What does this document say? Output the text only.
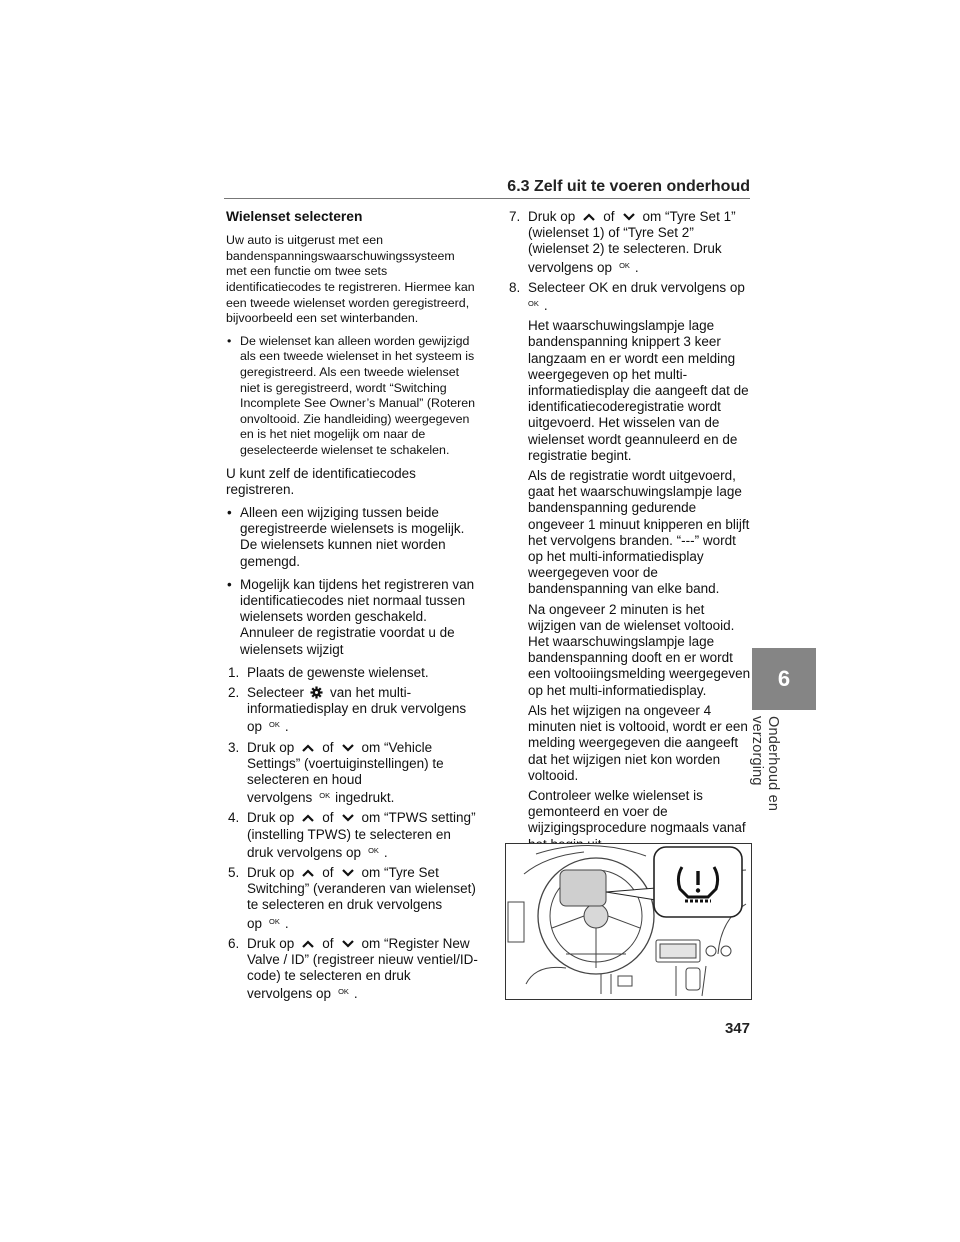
6.3 Zelf uit te voeren onderhoud
6
Onderhoud en verzorging
Wielenset selecteren
Uw auto is uitgerust met een bandenspanningswaarschuwingssysteem met een functie om twee sets identificatiecodes te registreren. Hiermee kan een tweede wielenset worden geregistreerd, bijvoorbeeld een set winterbanden.
• De wielenset kan alleen worden gewijzigd als een tweede wielenset in het systeem is geregistreerd. Als een tweede wielenset niet is geregistreerd, wordt “Switching Incomplete See Owner’s Manual” (Roteren onvoltooid. Zie handleiding) weergegeven en is het niet mogelijk om naar de geselecteerde wielenset te schakelen.
U kunt zelf de identificatiecodes registreren.
• Alleen een wijziging tussen beide geregistreerde wielensets is mogelijk. De wielensets kunnen niet worden gemengd.
• Mogelijk kan tijdens het registreren van identificatiecodes niet normaal tussen wielensets worden geschakeld. Annuleer de registratie voordat u de wielensets wijzigt
1. Plaats de gewenste wielenset.
2. Selecteer van het multi-informatiedisplay en druk vervolgens op $^{OK}$ .
3. Druk op of om “Vehicle Settings” (voertuiginstellingen) te selecteren en houd vervolgens $^{OK}$ ingedrukt.
4. Druk op of om “TPWS setting” (instelling TPWS) te selecteren en druk vervolgens op $^{OK}$ .
5. Druk op of om “Tyre Set Switching” (veranderen van wielenset) te selecteren en druk vervolgens op $^{OK}$ .
6. Druk op of om “Register New Valve / ID” (registreer nieuw ventiel/ID-code) te selecteren en druk vervolgens op $^{OK}$ .
7. Druk op of om “Tyre Set 1” (wielenset 1) of “Tyre Set 2” (wielenset 2) te selecteren. Druk vervolgens op $^{OK}$ .
8. Selecteer OK en druk vervolgens op
$^{OK}$ .
Het waarschuwingslampje lage bandenspanning knippert 3 keer langzaam en er wordt een melding weergegeven op het multi-informatiedisplay die aangeeft dat de identificatiecoderegistratie wordt uitgevoerd. Het wisselen van de wielenset wordt geannuleerd en de registratie begint.
Als de registratie wordt uitgevoerd, gaat het waarschuwingslampje lage bandenspanning gedurende ongeveer 1 minuut knipperen en blijft het vervolgens branden. “---” wordt op het multi-informatiedisplay weergegeven voor de bandenspanning van elke band.
Na ongeveer 2 minuten is het wijzigen van de wielenset voltooid. Het waarschuwingslampje lage bandenspanning dooft en er wordt een voltooiingsmelding weergegeven op het multi-informatiedisplay.
Als het wijzigen na ongeveer 4 minuten niet is voltooid, wordt er een melding weergegeven die aangeeft dat het wijzigen niet kon worden voltooid.
Controleer welke wielenset is gemonteerd en voer de wijzigingsprocedure nogmaals vanaf
347
